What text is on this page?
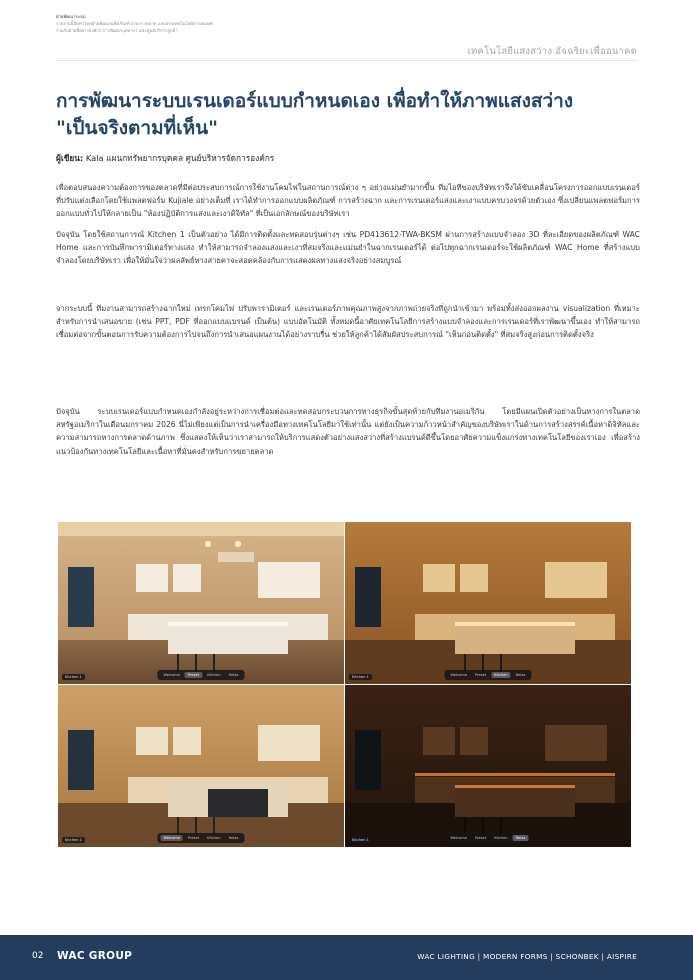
ฝ่ายพัฒนาระบบ
รายงานนี้จัดทำโดยฝ่ายพัฒนาผลิตภัณฑ์ ฝ่ายการตลาด และฝ่ายเทคโนโลยีสารสนเทศ
ร่วมกับฝ่ายสื่อสารองค์กร การพัฒนาบุคลากร และศูนย์บริการลูกค้า
เทคโนโลยีแสงสว่าง อัจฉริยะเพื่ออนาคต
การพัฒนาระบบเรนเดอร์แบบกำหนดเอง เพื่อทำให้ภาพแสงสว่าง "เป็นจริงตามที่เห็น"
ผู้เขียน: Kala แผนกทรัพยากรบุคคล ศูนย์บริหารจัดการองค์กร
เพื่อตอบสนองความต้องการของตลาดที่มีต่อประสบการณ์การใช้งานโคมไฟในสถานการณ์ต่าง ๆ อย่างแม่นยำมากขึ้น ทีมไอทีของบริษัทเราจึงได้ขับเคลื่อนโครงการออกแบบเรนเดอร์ที่ปรับแต่งเลือกโดยใช้แพลตฟอร์ม Kujiale อย่างเต็มที่ เราได้ทำการออกแบบผลิตภัณฑ์ การสร้างฉาก และการเรนเดอร์แสงและเงาแบบครบวงจรด้วยตัวเอง ซึ่งเปลี่ยนแพลตฟอร์มการออกแบบทั่วไปให้กลายเป็น "ห้องปฏิบัติการแสงและเงาดิจิทัล" ที่เป็นเอกลักษณ์ของบริษัทเรา
ปัจจุบัน โดยใช้สถานการณ์ Kitchen 1 เป็นตัวอย่าง ได้มีการติดตั้งและทดสอบรุ่นต่างๆ เช่น PD413612-TWA-BKSM ผ่านการสร้างแบบจำลอง 3D ที่ละเอียดของผลิตภัณฑ์ WAC Home และการบันทึกพารามิเตอร์ทางแสง ทำให้สามารถจำลองแสงและเงาที่สมจริงและแม่นยำในฉากเรนเดอร์ได้ ต่อไปทุกฉากเรนเดอร์จะใช้ผลิตภัณฑ์ WAC Home ที่สร้างแบบจำลองโดยบริษัทเรา เพื่อให้มั่นใจว่าผลลัพธ์ทางสายตาจะสอดคล้องกับการแสดงผลทางแสงจริงอย่างสมบูรณ์
จากระบบนี้ ทีมงานสามารถสร้างฉากใหม่ เทรกโคมไฟ ปรับพารามิเตอร์ และเรนเดอร์ภาพคุณภาพสูงจากภาพถ่ายจริงที่ถูกนำเข้ามา พร้อมทั้งส่งออกผลงาน visualization ที่เหมาะสำหรับการนำเสนอขาย (เช่น PPT, PDF ที่ออกแบบแบรนด์ เป็นต้น) แบบอัตโนมัติ ทั้งหมดนี้อาศัยเทคโนโลยีการสร้างแบบจำลองและการเรนเดอร์ที่เราพัฒนาขึ้นเอง ทำให้สามารถเชื่อมต่อจากขั้นตอนการรับความต้องการไปจนถึงการนำเสนอแผนงานได้อย่างราบรื่น ช่วยให้ลูกค้าได้สัมผัสประสบการณ์ "เห็นก่อนติดตั้ง" ที่สมจริงสูงก่อนการติดตั้งจริง
ปัจจุบัน ระบบเรนเดอร์แบบกำหนดเองกำลังอยู่ระหว่างการเชื่อมต่อและทดสอบกระบวนการทางธุรกิจขั้นสุดท้ายกับทีมงานอเมริกัน โดยมีแผนเปิดตัวอย่างเป็นทางการในตลาดสหรัฐอเมริกาในเดือนมกราคม 2026 นี่ไม่เพียงแต่เป็นการนำเครื่องมือทางเทคโนโลยีมาใช้เท่านั้น แต่ยังเป็นความก้าวหน้าสำคัญของบริษัทเราในด้านการสร้างสรรค์เนื้อหาดิจิทัลและความสามารถทางการตลาดด้านภาพ ซึ่งแสดงให้เห็นว่าเราสามารถให้บริการแสดงตัวอย่างแสงสว่างที่สร้างแบรนด์ดีขึ้นโดยอาศัยความแข็งแกร่งทางเทคโนโลยีของเราเอง เพื่อสร้างแนวป้องกันทางเทคโนโลยีและเนื้อหาที่มั่นคงสำหรับการขยายตลาด
Kitchen 1	Welcome	Preset	Kitchen	Relax	Kitchen 1	Welcome	Preset	Kitchen	Relax
Kitchen 1	Welcome	Preset	Kitchen	Relax	Kitchen 1	Welcome	Preset	Kitchen	Relax
02 WAC GROUP	WAC LIGHTING | MODERN FORMS | SCHONBEK | AISPIRE
